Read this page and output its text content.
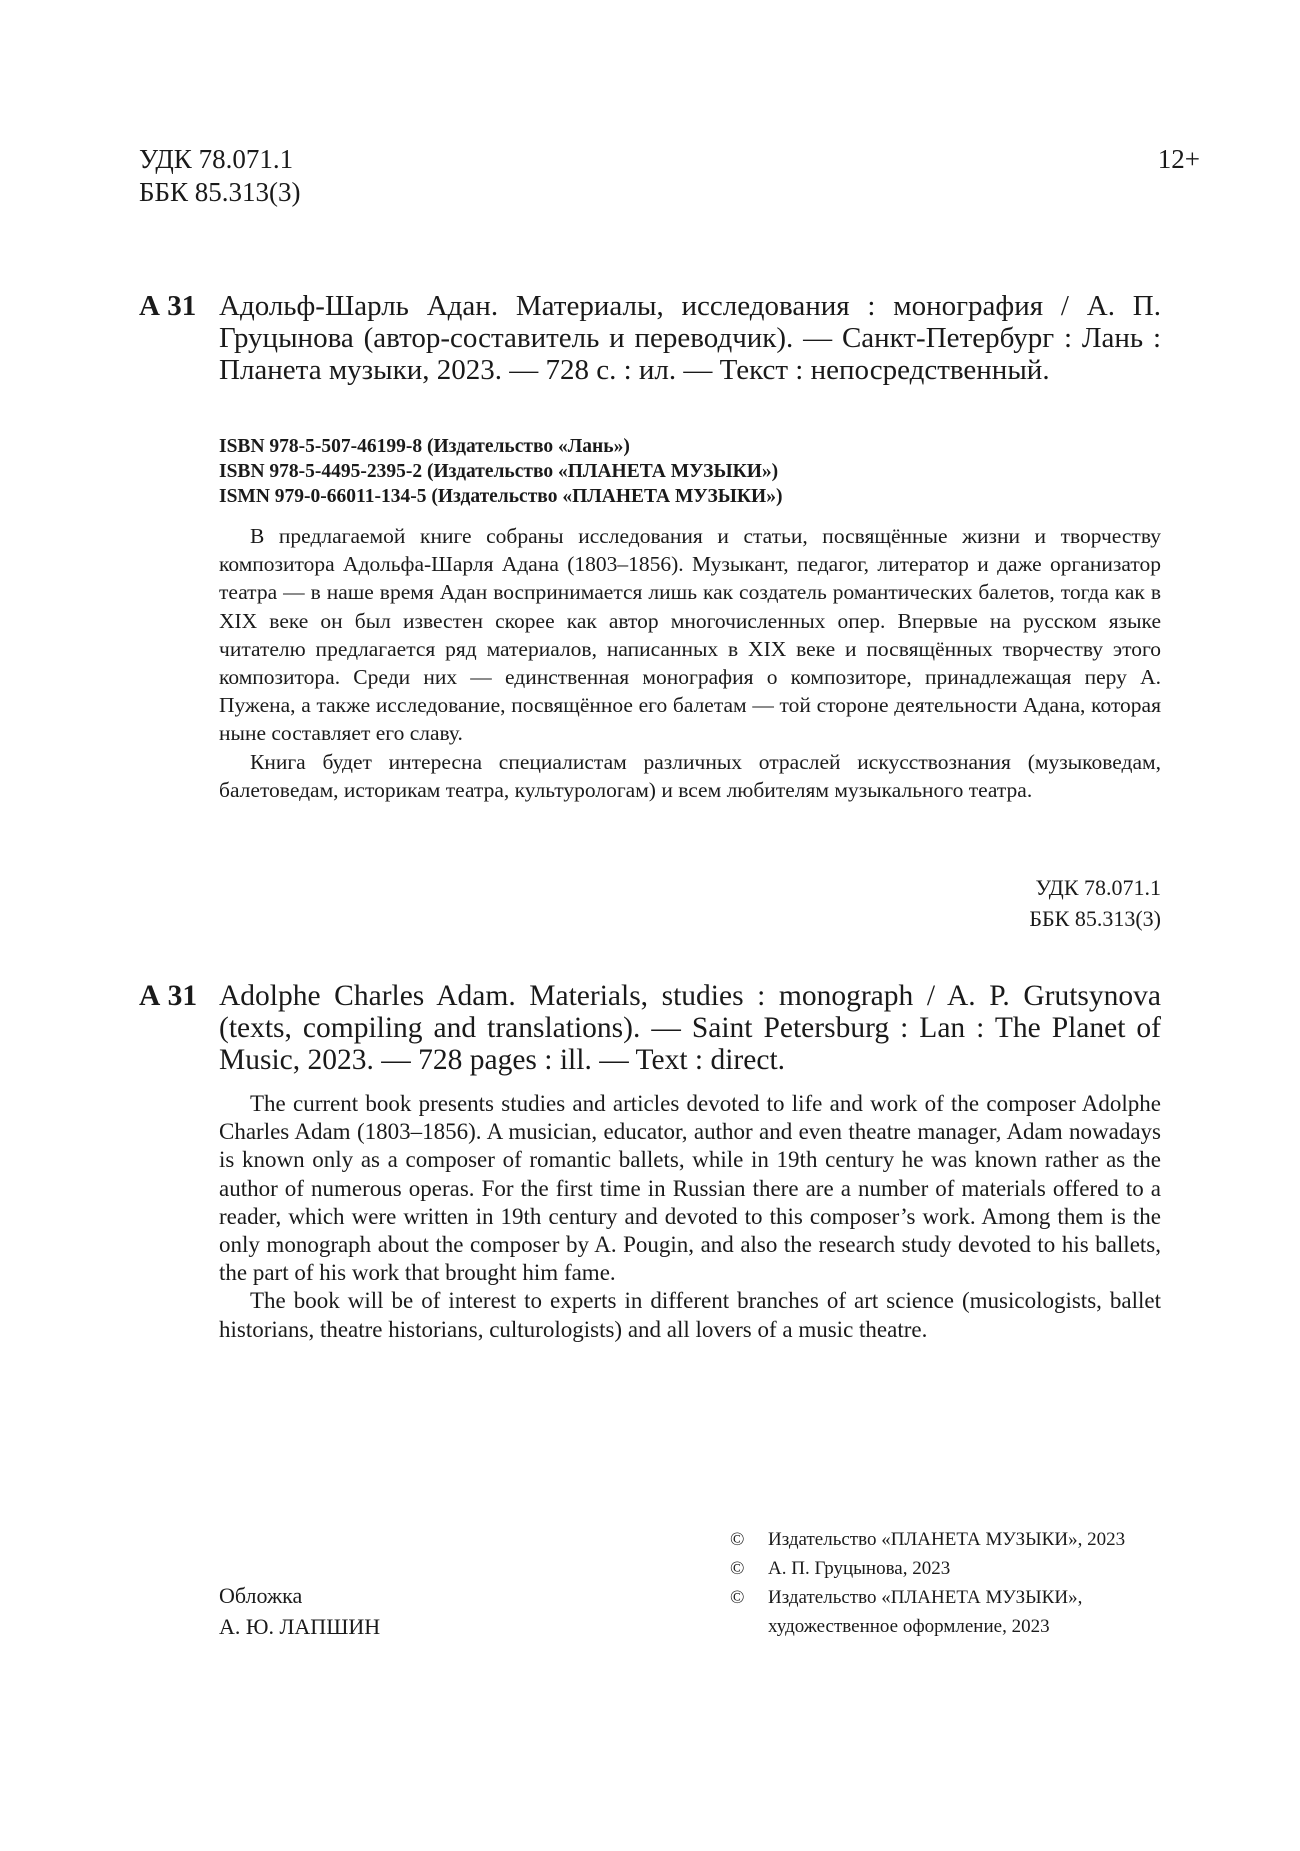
УДК 78.071.1
ББК 85.313(3)
12+
А 31 Адольф-Шарль Адан. Материалы, исследования : монография / А. П. Груцынова (автор-составитель и переводчик). — Санкт-Петербург : Лань : Планета музыки, 2023. — 728 с. : ил. — Текст : непосредственный.
ISBN 978-5-507-46199-8 (Издательство «Лань»)
ISBN 978-5-4495-2395-2 (Издательство «ПЛАНЕТА МУЗЫКИ»)
ISMN 979-0-66011-134-5 (Издательство «ПЛАНЕТА МУЗЫКИ»)

В предлагаемой книге собраны исследования и статьи, посвящённые жизни и творчеству композитора Адольфа-Шарля Адана (1803–1856). Музыкант, педагог, литератор и даже организатор театра — в наше время Адан воспринимается лишь как создатель романтических балетов, тогда как в XIX веке он был известен скорее как автор многочисленных опер. Впервые на русском языке читателю предлагается ряд материалов, написанных в XIX веке и посвящённых творчеству этого композитора. Среди них — единственная монография о композиторе, принадлежащая перу А. Пужена, а также исследование, посвящённое его балетам — той стороне деятельности Адана, которая ныне составляет его славу.

Книга будет интересна специалистам различных отраслей искусствознания (музыковедам, балетоведам, историкам театра, культурологам) и всем любителям музыкального театра.

УДК 78.071.1
ББК 85.313(3)
А 31 Adolphe Charles Adam. Materials, studies : monograph / A. P. Grutsynova (texts, compiling and translations). — Saint Petersburg : Lan : The Planet of Music, 2023. — 728 pages : ill. — Text : direct.

The current book presents studies and articles devoted to life and work of the composer Adolphe Charles Adam (1803–1856). A musician, educator, author and even theatre manager, Adam nowadays is known only as a composer of romantic ballets, while in 19th century he was known rather as the author of numerous operas. For the first time in Russian there are a number of materials offered to a reader, which were written in 19th century and devoted to this composer’s work. Among them is the only monograph about the composer by A. Pougin, and also the research study devoted to his ballets, the part of his work that brought him fame.

The book will be of interest to experts in different branches of art science (musicologists, ballet historians, theatre historians, culturologists) and all lovers of a music theatre.

Обложка
А. Ю. ЛАПШИН
©	Издательство «ПЛАНЕТА МУЗЫКИ», 2023
©	А. П. Груцынова, 2023
©	Издательство «ПЛАНЕТА МУЗЫКИ»,
художественное оформление, 2023
